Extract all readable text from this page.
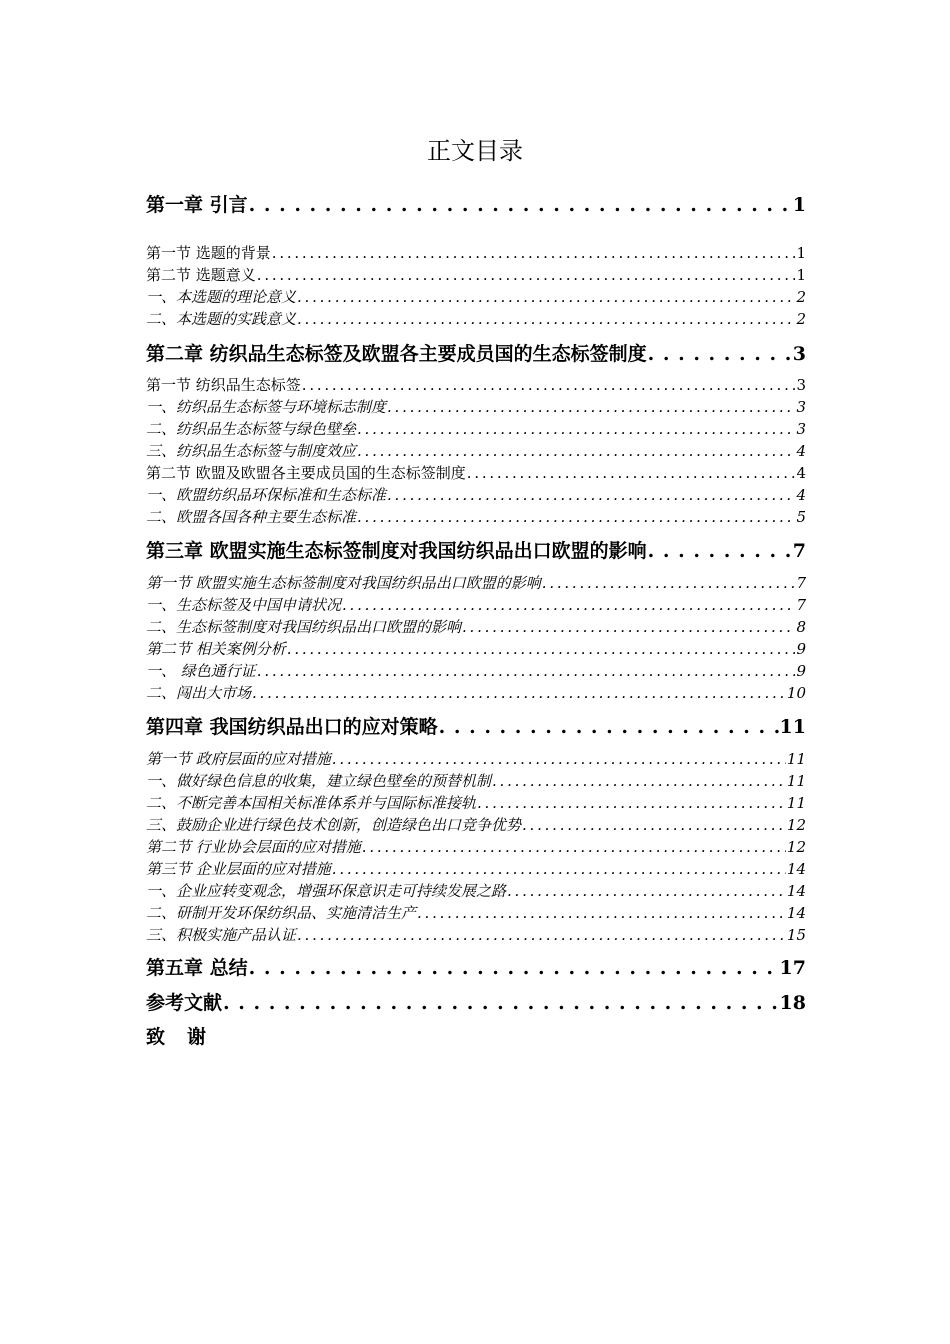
正文目录
第一章 引言 . . .	1
第一节 选题的背景 . . .	1
第二节 选题意义 . . .	1
一、本选题的理论意义 . . .	2
二、本选题的实践意义 . . .	2
第二章 纺织品生态标签及欧盟各主要成员国的生态标签制度 . . .	3
第一节 纺织品生态标签 . . .	3
一、纺织品生态标签与环境标志制度 . . .	3
二、纺织品生态标签与绿色壁垒 . . .	3
三、纺织品生态标签与制度效应 . . .	4
第二节 欧盟及欧盟各主要成员国的生态标签制度 . . .	4
一、欧盟纺织品环保标准和生态标准 . . .	4
二、欧盟各国各种主要生态标准 . . .	5
第三章 欧盟实施生态标签制度对我国纺织品出口欧盟的影响 . . .	7
第一节 欧盟实施生态标签制度对我国纺织品出口欧盟的影响 . . .	7
一、生态标签及中国申请状况 . . .	7
二、生态标签制度对我国纺织品出口欧盟的影响 . . .	8
第二节 相关案例分析 . . .	9
一、 绿色通行证 . . .	9
二、闯出大市场 . . .	10
第四章 我国纺织品出口的应对策略 . . .	11
第一节 政府层面的应对措施 . . .	11
一、做好绿色信息的收集，建立绿色壁垒的预替机制 . . .	11
二、不断完善本国相关标准体系并与国际标准接轨 . . .	11
三、鼓励企业进行绿色技术创新，创造绿色出口竞争优势 . . .	12
第二节 行业协会层面的应对措施 . . .	12
第三节 企业层面的应对措施 . . .	14
一、企业应转变观念，增强环保意识走可持续发展之路 . . .	14
二、研制开发环保纺织品、实施清洁生产 . . .	14
三、积极实施产品认证 . . .	15
第五章 总结 . . .	17
参考文献 . . .	18
致谢
